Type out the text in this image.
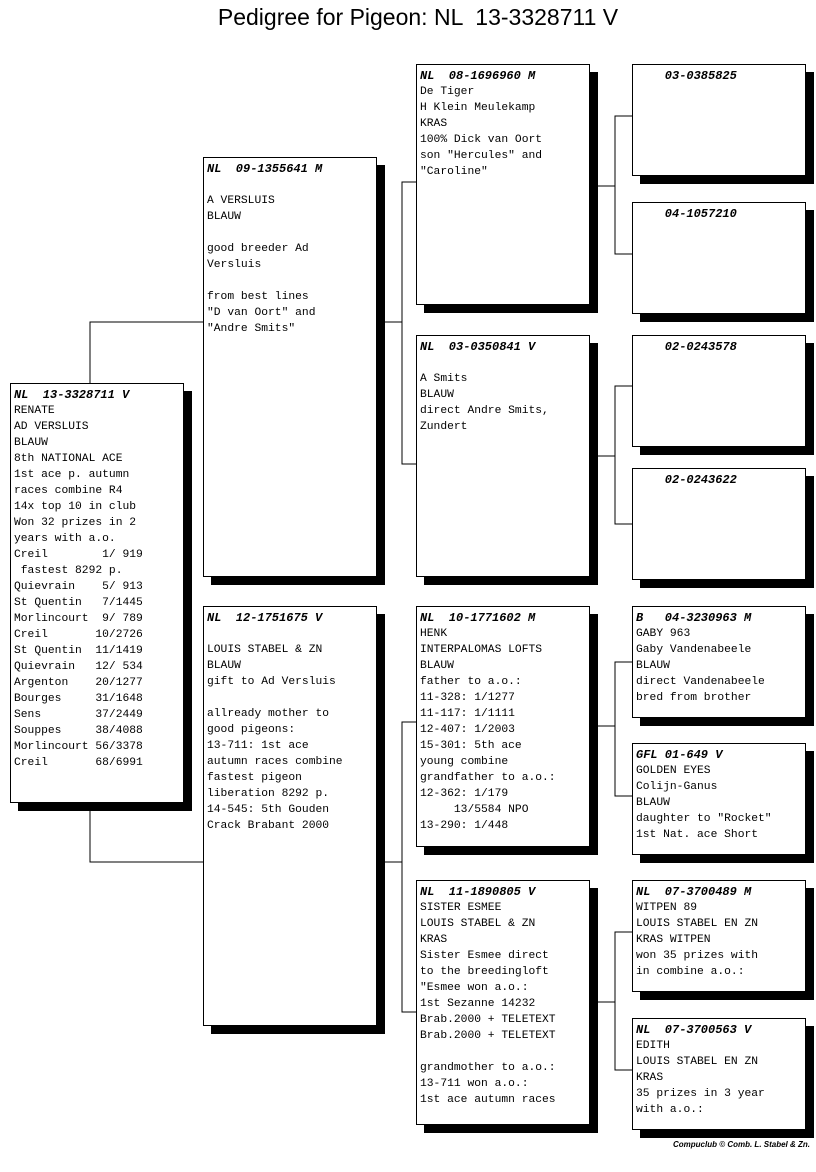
Pedigree for Pigeon: NL  13-3328711 V
NL  13-3328711 V
RENATE
AD VERSLUIS
BLAUW
8th NATIONAL ACE
1st ace p. autumn
races combine R4
14x top 10 in club
Won 32 prizes in 2
years with a.o.
Creil        1/ 919
fastest 8292 p.
Quievrain    5/ 913
St Quentin   7/1445
Morlincourt  9/ 789
Creil       10/2726
St Quentin  11/1419
Quievrain   12/ 534
Argenton    20/1277
Bourges     31/1648
Sens        37/2449
Souppes     38/4088
Morlincourt 56/3378
Creil       68/6991
NL  09-1355641 M
A VERSLUIS
BLAUW
good breeder Ad
Versluis
from best lines
"D van Oort" and
"Andre Smits"
NL  12-1751675 V
LOUIS STABEL & ZN
BLAUW
gift to Ad Versluis
allready mother to
good pigeons:
13-711: 1st ace
autumn races combine
fastest pigeon
liberation 8292 p.
14-545: 5th Gouden
Crack Brabant 2000
NL  08-1696960 M
De Tiger
H Klein Meulekamp
KRAS
100% Dick van Oort
son "Hercules" and
"Caroline"
NL  03-0350841 V
A Smits
BLAUW
direct Andre Smits,
Zundert
NL  10-1771602 M
HENK
INTERPALOMAS LOFTS
BLAUW
father to a.o.:
11-328: 1/1277
11-117: 1/1111
12-407: 1/2003
15-301: 5th ace
young combine
grandfather to a.o.:
12-362: 1/179
13/5584 NPO
13-290: 1/448
NL  11-1890805 V
SISTER ESMEE
LOUIS STABEL & ZN
KRAS
Sister Esmee direct
to the breedingloft
"Esmee won a.o.:
1st Sezanne 14232
Brab.2000 + TELETEXT
Brab.2000 + TELETEXT
grandmother to a.o.:
13-711 won a.o.:
1st ace autumn races
03-0385825
04-1057210
02-0243578
02-0243622
B   04-3230963 M
GABY 963
Gaby Vandenabeele
BLAUW
direct Vandenabeele
bred from brother
GFL 01-649 V
GOLDEN EYES
Colijn-Ganus
BLAUW
daughter to "Rocket"
1st Nat. ace Short
NL  07-3700489 M
WITPEN 89
LOUIS STABEL EN ZN
KRAS WITPEN
won 35 prizes with
in combine a.o.:
NL  07-3700563 V
EDITH
LOUIS STABEL EN ZN
KRAS
35 prizes in 3 year
with a.o.:
Compuclub © Comb. L. Stabel & Zn.
